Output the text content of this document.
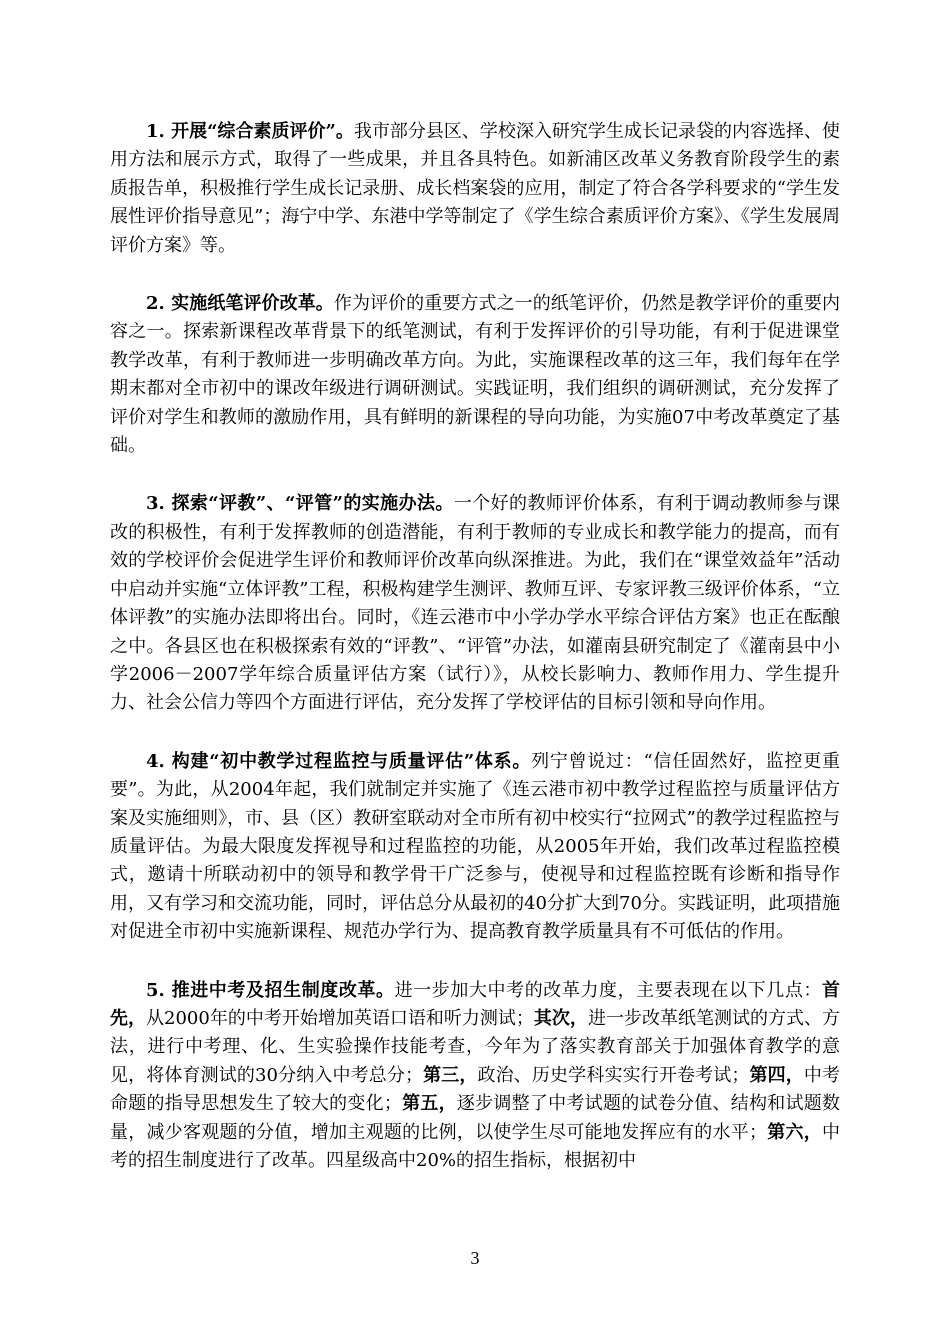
1. 开展“综合素质评价”。我市部分县区、学校深入研究学生成长记录袋的内容选择、使用方法和展示方式，取得了一些成果，并且各具特色。如新浦区改革义务教育阶段学生的素质报告单，积极推行学生成长记录册、成长档案袋的应用，制定了符合各学科要求的“学生发展性评价指导意见”；海宁中学、东港中学等制定了《学生综合素质评价方案》、《学生发展周评价方案》等。

2. 实施纸笔评价改革。作为评价的重要方式之一的纸笔评价，仍然是教学评价的重要内容之一。探索新课程改革背景下的纸笔测试，有利于发挥评价的引导功能，有利于促进课堂教学改革，有利于教师进一步明确改革方向。为此，实施课程改革的这三年，我们每年在学期末都对全市初中的课改年级进行调研测试。实践证明，我们组织的调研测试，充分发挥了评价对学生和教师的激励作用，具有鲜明的新课程的导向功能，为实施07中考改革奠定了基础。

3. 探索“评教”、“评管”的实施办法。一个好的教师评价体系，有利于调动教师参与课改的积极性，有利于发挥教师的创造潜能，有利于教师的专业成长和教学能力的提高，而有效的学校评价会促进学生评价和教师评价改革向纵深推进。为此，我们在“课堂效益年”活动中启动并实施“立体评教”工程，积极构建学生测评、教师互评、专家评教三级评价体系，“立体评教”的实施办法即将出台。同时，《连云港市中小学办学水平综合评估方案》也正在酝酿之中。各县区也在积极探索有效的“评教”、“评管”办法，如灌南县研究制定了《灌南县中小学2006－2007学年综合质量评估方案（试行）》，从校长影响力、教师作用力、学生提升力、社会公信力等四个方面进行评估，充分发挥了学校评估的目标引领和导向作用。

4. 构建“初中教学过程监控与质量评估”体系。列宁曾说过：“信任固然好，监控更重要”。为此，从2004年起，我们就制定并实施了《连云港市初中教学过程监控与质量评估方案及实施细则》，市、县（区）教研室联动对全市所有初中校实行“拉网式”的教学过程监控与质量评估。为最大限度发挥视导和过程监控的功能，从2005年开始，我们改革过程监控模式，邀请十所联动初中的领导和教学骨干广泛参与，使视导和过程监控既有诊断和指导作用，又有学习和交流功能，同时，评估总分从最初的40分扩大到70分。实践证明，此项措施对促进全市初中实施新课程、规范办学行为、提高教育教学质量具有不可低估的作用。

5. 推进中考及招生制度改革。进一步加大中考的改革力度，主要表现在以下几点：首先，从2000年的中考开始增加英语口语和听力测试；其次，进一步改革纸笔测试的方式、方法，进行中考理、化、生实验操作技能考查，今年为了落实教育部关于加强体育教学的意见，将体育测试的30分纳入中考总分；第三，政治、历史学科实实行开卷考试；第四，中考命题的指导思想发生了较大的变化；第五，逐步调整了中考试题的试卷分值、结构和试题数量，减少客观题的分值，增加主观题的比例，以使学生尽可能地发挥应有的水平；第六，中考的招生制度进行了改革。四星级高中20%的招生指标，根据初中

3
